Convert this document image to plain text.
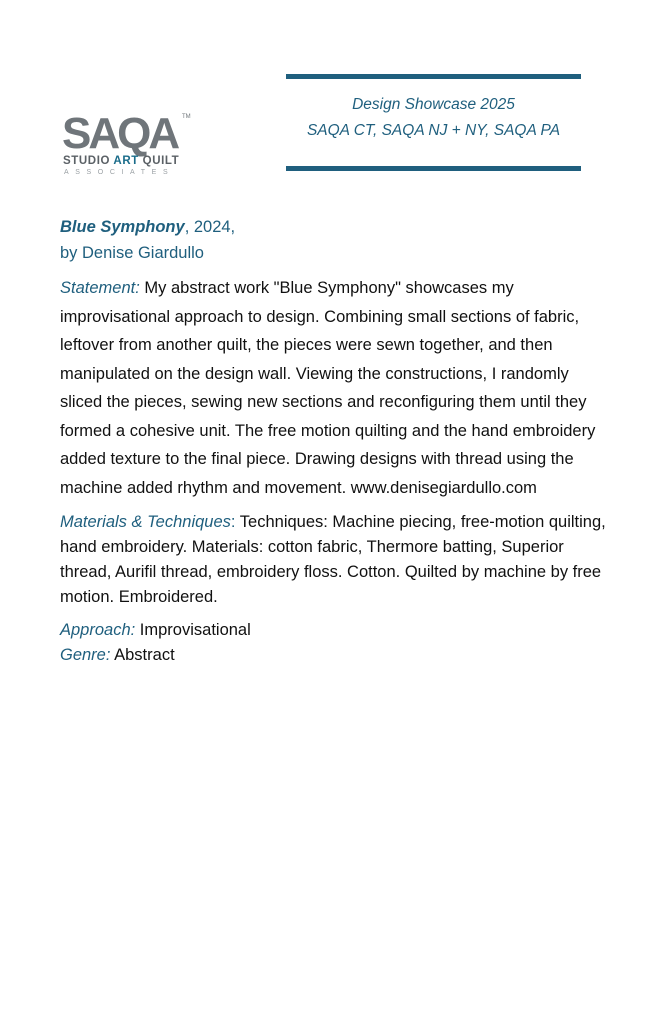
SAQA TM
STUDIO ART QUILT
ASSOCIATES
Design Showcase 2025
SAQA CT, SAQA NJ + NY, SAQA PA
Blue Symphony, 2024,
by Denise Giardullo
Statement: My abstract work "Blue Symphony" showcases my improvisational approach to design. Combining small sections of fabric, leftover from another quilt, the pieces were sewn together, and then manipulated on the design wall. Viewing the constructions, I randomly sliced the pieces, sewing new sections and reconfiguring them until they formed a cohesive unit. The free motion quilting and the hand embroidery added texture to the final piece. Drawing designs with thread using the machine added rhythm and movement. www.denisegiardullo.com
Materials & Techniques: Techniques: Machine piecing, free-motion quilting, hand embroidery. Materials: cotton fabric, Thermore batting, Superior thread, Aurifil thread, embroidery floss. Cotton. Quilted by machine by free motion. Embroidered.
Approach: Improvisational
Genre: Abstract
